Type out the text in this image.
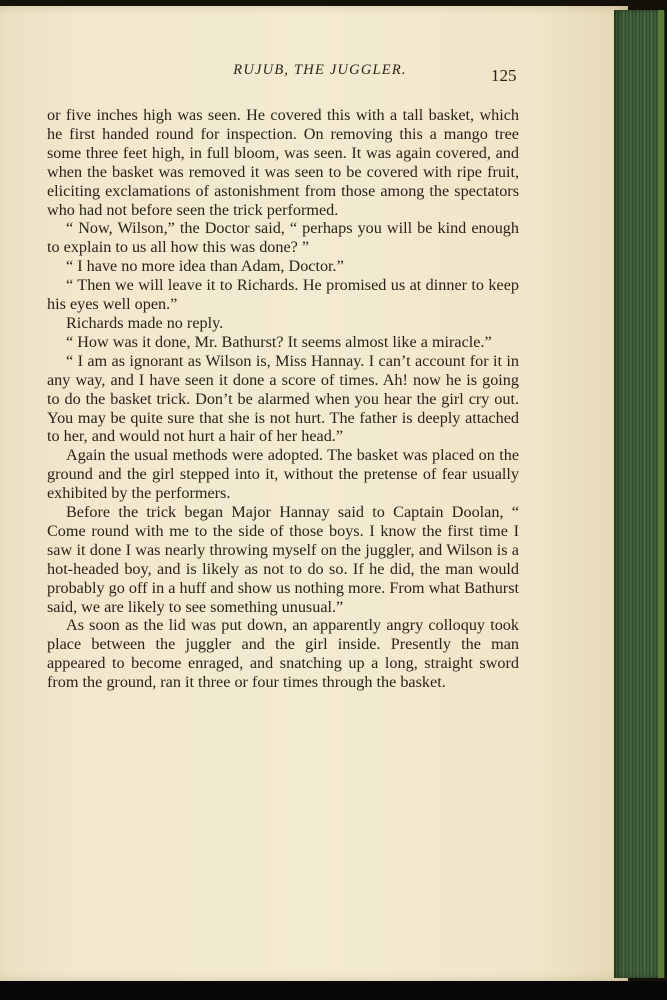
RUJUB, THE JUGGLER.	125

or five inches high was seen. He covered this with a tall basket, which he first handed round for inspection. On removing this a mango tree some three feet high, in full bloom, was seen. It was again covered, and when the basket was removed it was seen to be covered with ripe fruit, eliciting exclamations of astonishment from those among the spectators who had not before seen the trick performed.

“ Now, Wilson,” the Doctor said, “ perhaps you will be kind enough to explain to us all how this was done? ”

“ I have no more idea than Adam, Doctor.”

“ Then we will leave it to Richards. He promised us at dinner to keep his eyes well open.”

Richards made no reply.

“ How was it done, Mr. Bathurst? It seems almost like a miracle.”

“ I am as ignorant as Wilson is, Miss Hannay. I can’t account for it in any way, and I have seen it done a score of times. Ah! now he is going to do the basket trick. Don’t be alarmed when you hear the girl cry out. You may be quite sure that she is not hurt. The father is deeply attached to her, and would not hurt a hair of her head.”

Again the usual methods were adopted. The basket was placed on the ground and the girl stepped into it, without the pretense of fear usually exhibited by the performers.

Before the trick began Major Hannay said to Captain Doolan, “ Come round with me to the side of those boys. I know the first time I saw it done I was nearly throwing myself on the juggler, and Wilson is a hot-headed boy, and is likely as not to do so. If he did, the man would probably go off in a huff and show us nothing more. From what Bathurst said, we are likely to see something unusual.”

As soon as the lid was put down, an apparently angry colloquy took place between the juggler and the girl inside. Presently the man appeared to become enraged, and snatching up a long, straight sword from the ground, ran it three or four times through the basket.
